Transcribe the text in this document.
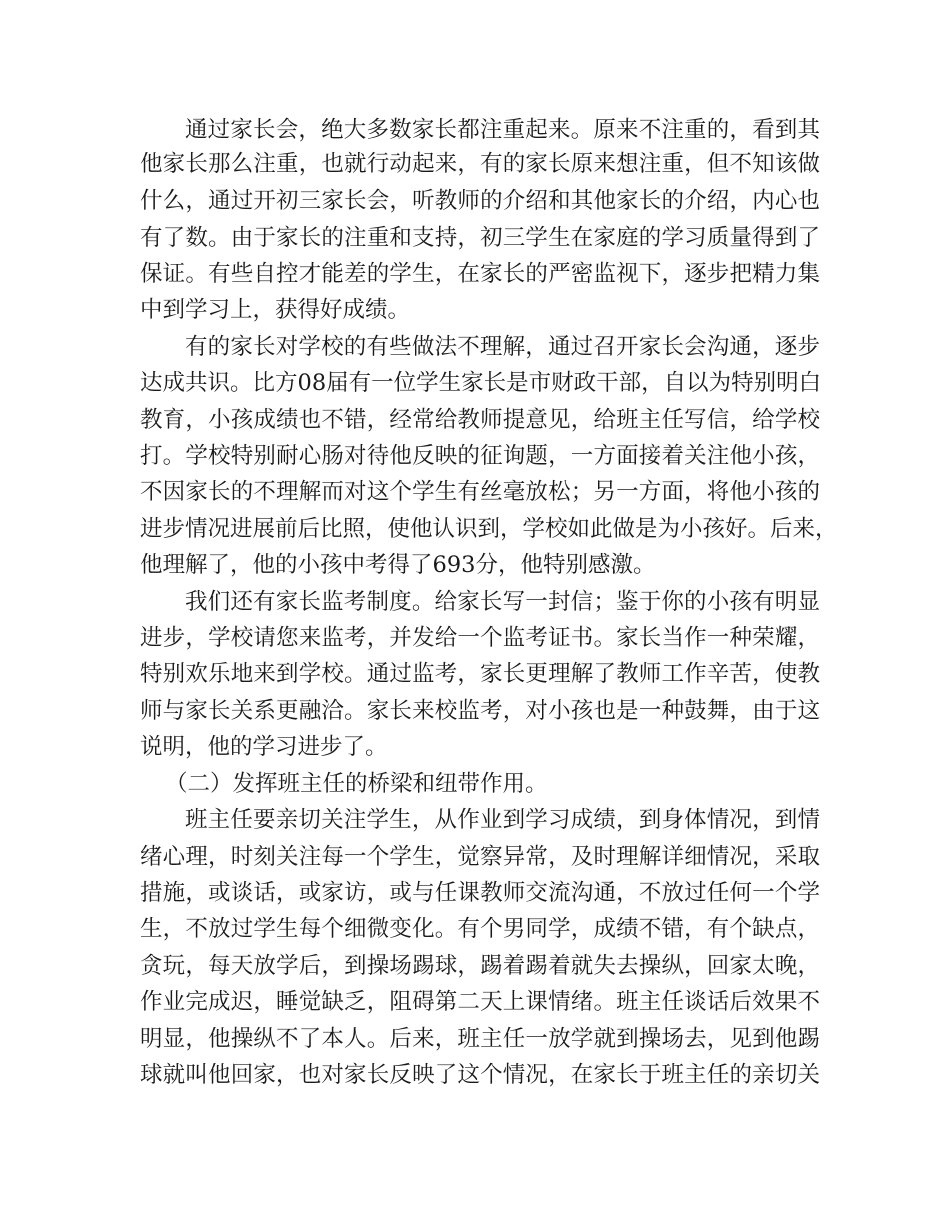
通过家长会，绝大多数家长都注重起来。原来不注重的，看到其
他家长那么注重，也就行动起来，有的家长原来想注重，但不知该做
什么，通过开初三家长会，听教师的介绍和其他家长的介绍，内心也
有了数。由于家长的注重和支持，初三学生在家庭的学习质量得到了
保证。有些自控才能差的学生，在家长的严密监视下，逐步把精力集
中到学习上，获得好成绩。
有的家长对学校的有些做法不理解，通过召开家长会沟通，逐步
达成共识。比方08届有一位学生家长是市财政干部，自以为特别明白
教育，小孩成绩也不错，经常给教师提意见，给班主任写信，给学校
打。学校特别耐心肠对待他反映的征询题，一方面接着关注他小孩，
不因家长的不理解而对这个学生有丝毫放松；另一方面，将他小孩的
进步情况进展前后比照，使他认识到，学校如此做是为小孩好。后来，
他理解了，他的小孩中考得了693分，他特别感激。
我们还有家长监考制度。给家长写一封信；鉴于你的小孩有明显
进步，学校请您来监考，并发给一个监考证书。家长当作一种荣耀，
特别欢乐地来到学校。通过监考，家长更理解了教师工作辛苦，使教
师与家长关系更融洽。家长来校监考，对小孩也是一种鼓舞，由于这
说明，他的学习进步了。
（二）发挥班主任的桥梁和纽带作用。
班主任要亲切关注学生，从作业到学习成绩，到身体情况，到情
绪心理，时刻关注每一个学生，觉察异常，及时理解详细情况，采取
措施，或谈话，或家访，或与任课教师交流沟通，不放过任何一个学
生，不放过学生每个细微变化。有个男同学，成绩不错，有个缺点，
贪玩，每天放学后，到操场踢球，踢着踢着就失去操纵，回家太晚，
作业完成迟，睡觉缺乏，阻碍第二天上课情绪。班主任谈话后效果不
明显，他操纵不了本人。后来，班主任一放学就到操场去，见到他踢
球就叫他回家，也对家长反映了这个情况，在家长于班主任的亲切关
